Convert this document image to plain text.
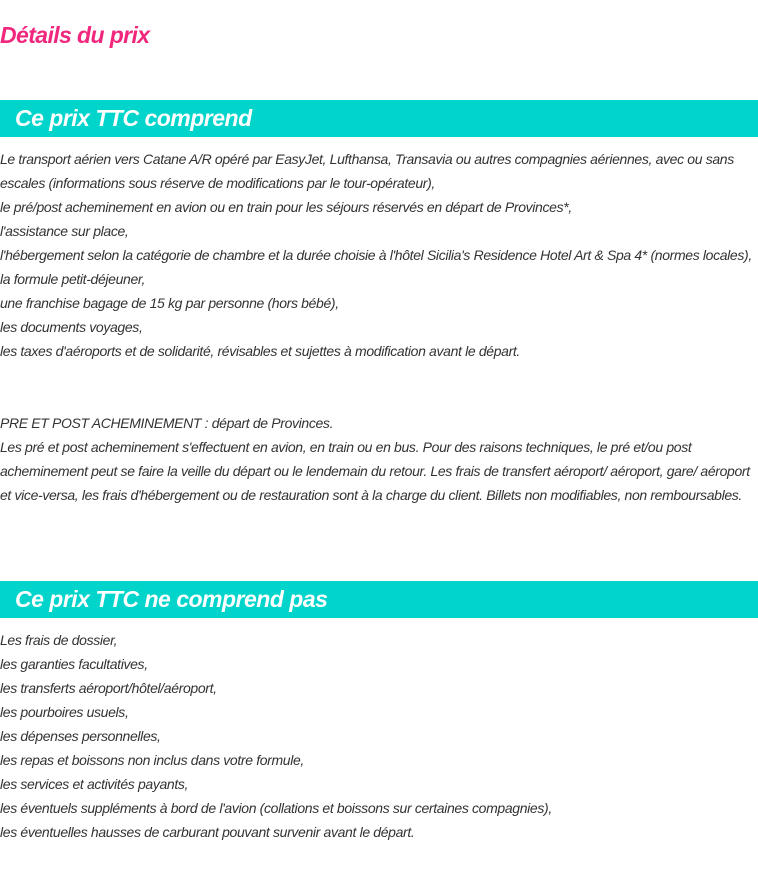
Détails du prix
Ce prix TTC comprend
Le transport aérien vers Catane A/R opéré par EasyJet, Lufthansa, Transavia ou autres compagnies aériennes, avec ou sans escales (informations sous réserve de modifications par le tour-opérateur),
le pré/post acheminement en avion ou en train pour les séjours réservés en départ de Provinces*,
l'assistance sur place,
l'hébergement selon la catégorie de chambre et la durée choisie à l'hôtel Sicilia's Residence Hotel Art & Spa 4* (normes locales),
la formule petit-déjeuner,
une franchise bagage de 15 kg par personne (hors bébé),
les documents voyages,
les taxes d'aéroports et de solidarité, révisables et sujettes à modification avant le départ.
PRE ET POST ACHEMINEMENT : départ de Provinces.
Les pré et post acheminement s'effectuent en avion, en train ou en bus. Pour des raisons techniques, le pré et/ou post acheminement peut se faire la veille du départ ou le lendemain du retour. Les frais de transfert aéroport/ aéroport, gare/ aéroport et vice-versa, les frais d'hébergement ou de restauration sont à la charge du client. Billets non modifiables, non remboursables.
Ce prix TTC ne comprend pas
Les frais de dossier,
les garanties facultatives,
les transferts aéroport/hôtel/aéroport,
les pourboires usuels,
les dépenses personnelles,
les repas et boissons non inclus dans votre formule,
les services et activités payants,
les éventuels suppléments à bord de l'avion (collations et boissons sur certaines compagnies),
les éventuelles hausses de carburant pouvant survenir avant le départ.
